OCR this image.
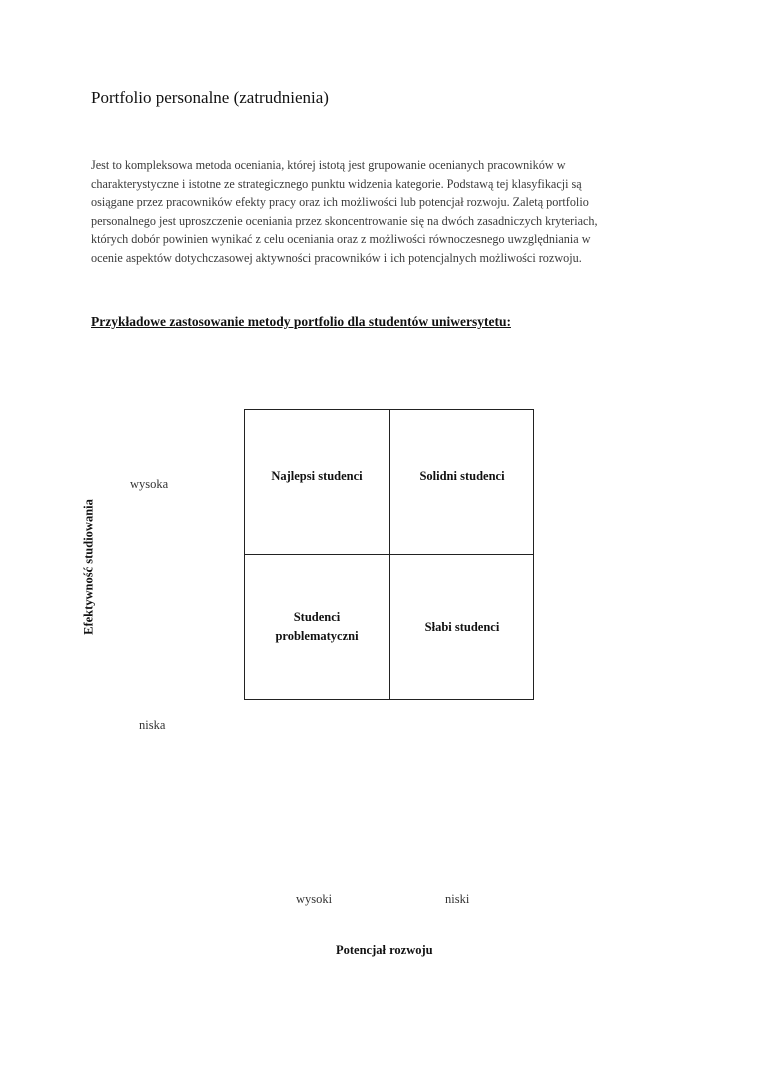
Portfolio personalne (zatrudnienia)
Jest to kompleksowa metoda oceniania, której istotą jest grupowanie ocenianych pracowników w
charakterystyczne i istotne ze strategicznego punktu widzenia kategorie. Podstawą tej klasyfikacji są
osiągane przez pracowników efekty pracy oraz ich możliwości lub potencjał rozwoju. Zaletą portfolio
personalnego jest uproszczenie oceniania przez skoncentrowanie się na dwóch zasadniczych kryteriach,
których dobór powinien wynikać z celu oceniania oraz z możliwości równoczesnego uwzględniania w
ocenie aspektów dotychczasowej aktywności pracowników i ich potencjalnych możliwości rozwoju.
Przykładowe zastosowanie metody portfolio dla studentów uniwersytetu:
Efektywność studiowania
wysoka
niska
Najlepsi studenci	Solidni studenci
Studenci problematyczni
Słabi studenci
wysoki	niski
Potencjał rozwoju
